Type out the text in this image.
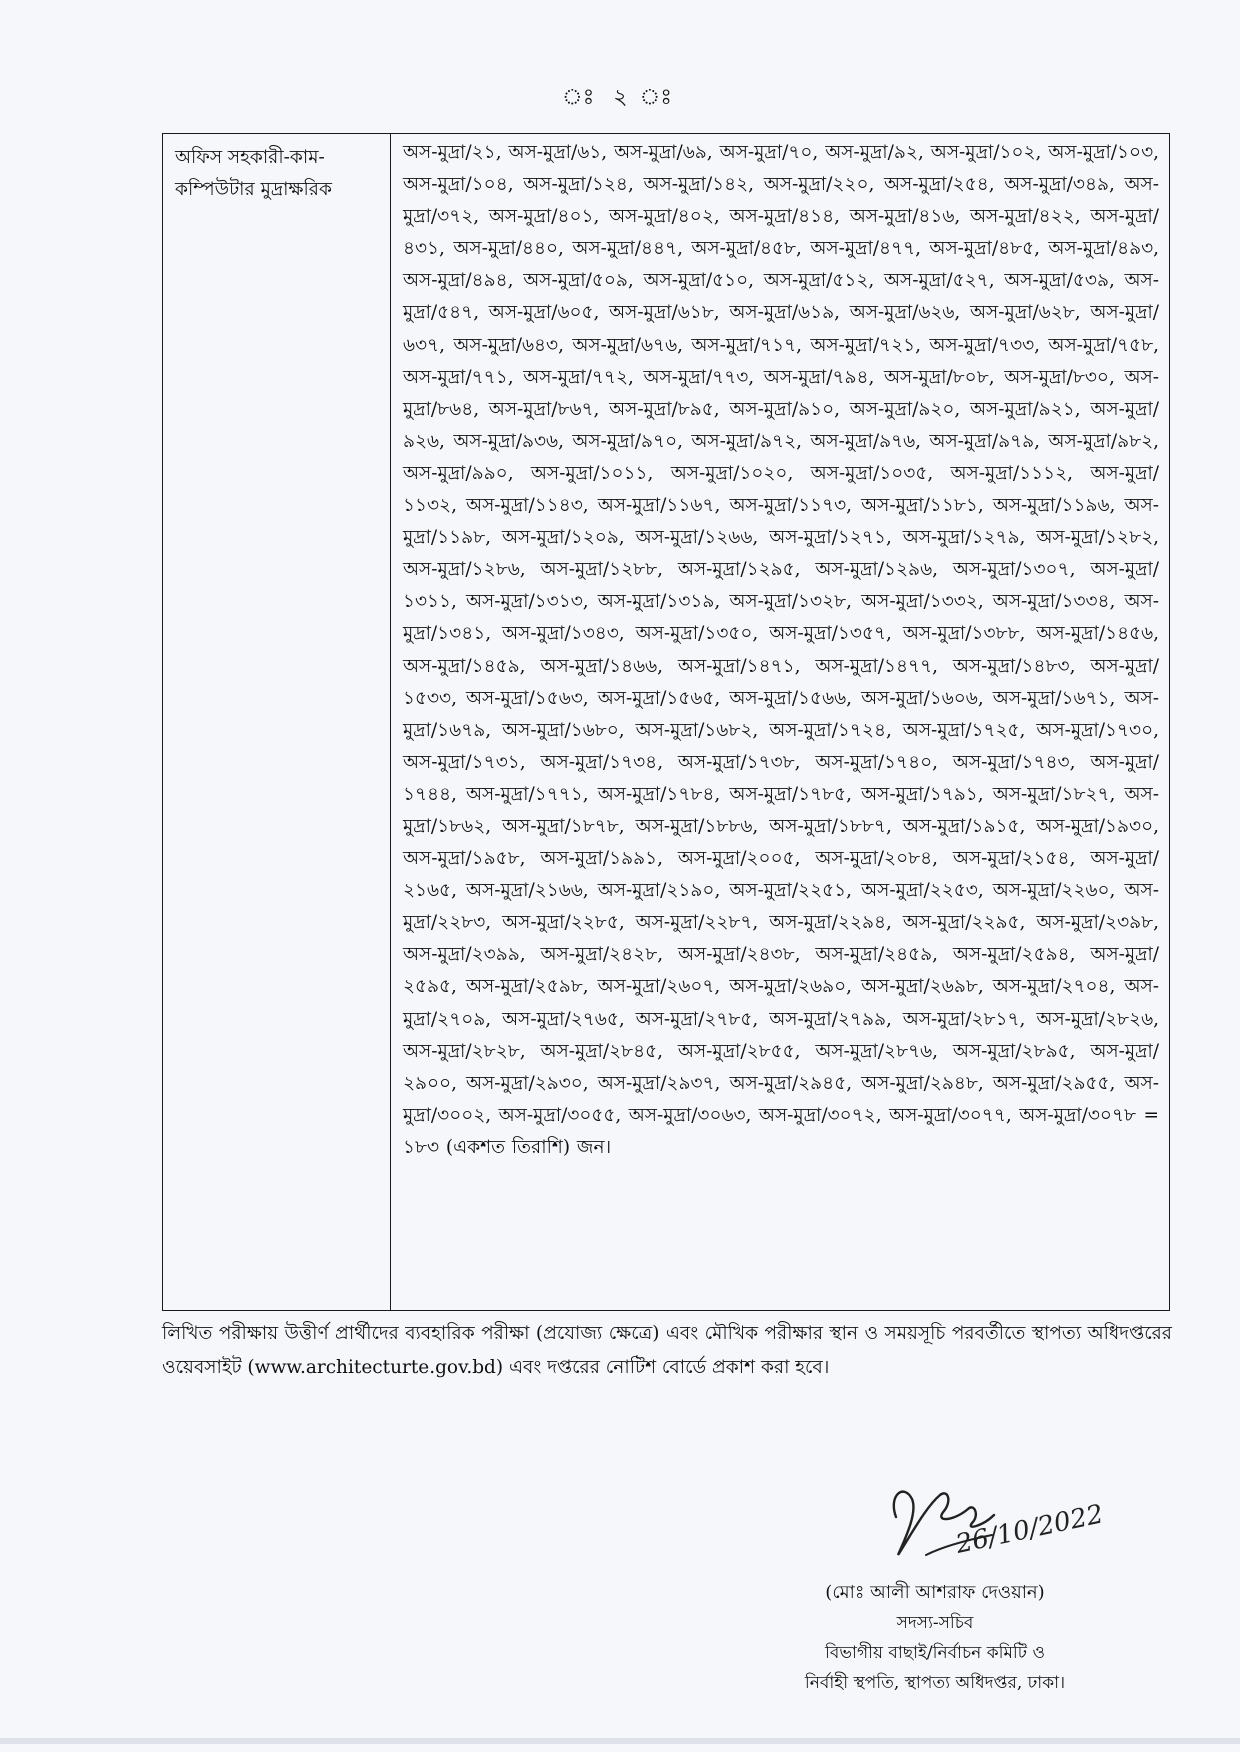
ঃ ২ ঃ
অফিস সহকারী-কাম-কম্পিউটার মুদ্রাক্ষরিক

অস-মুদ্রা/২১, অস-মুদ্রা/৬১, অস-মুদ্রা/৬৯, অস-মুদ্রা/৭০, অস-মুদ্রা/৯২, অস-মুদ্রা/১০২, অস-মুদ্রা/১০৩, অস-মুদ্রা/১০৪, অস-মুদ্রা/১২৪, অস-মুদ্রা/১৪২, অস-মুদ্রা/২২০, অস-মুদ্রা/২৫৪, অস-মুদ্রা/৩৪৯, অস-মুদ্রা/৩৭২, অস-মুদ্রা/৪০১, অস-মুদ্রা/৪০২, অস-মুদ্রা/৪১৪, অস-মুদ্রা/৪১৬, অস-মুদ্রা/৪২২, অস-মুদ্রা/৪৩১, অস-মুদ্রা/৪৪০, অস-মুদ্রা/৪৪৭, অস-মুদ্রা/৪৫৮, অস-মুদ্রা/৪৭৭, অস-মুদ্রা/৪৮৫, অস-মুদ্রা/৪৯৩, অস-মুদ্রা/৪৯৪, অস-মুদ্রা/৫০৯, অস-মুদ্রা/৫১০, অস-মুদ্রা/৫১২, অস-মুদ্রা/৫২৭, অস-মুদ্রা/৫৩৯, অস-মুদ্রা/৫৪৭, অস-মুদ্রা/৬০৫, অস-মুদ্রা/৬১৮, অস-মুদ্রা/৬১৯, অস-মুদ্রা/৬২৬, অস-মুদ্রা/৬২৮, অস-মুদ্রা/৬৩৭, অস-মুদ্রা/৬৪৩, অস-মুদ্রা/৬৭৬, অস-মুদ্রা/৭১৭, অস-মুদ্রা/৭২১, অস-মুদ্রা/৭৩৩, অস-মুদ্রা/৭৫৮, অস-মুদ্রা/৭৭১, অস-মুদ্রা/৭৭২, অস-মুদ্রা/৭৭৩, অস-মুদ্রা/৭৯৪, অস-মুদ্রা/৮০৮, অস-মুদ্রা/৮৩০, অস-মুদ্রা/৮৬৪, অস-মুদ্রা/৮৬৭, অস-মুদ্রা/৮৯৫, অস-মুদ্রা/৯১০, অস-মুদ্রা/৯২০, অস-মুদ্রা/৯২১, অস-মুদ্রা/৯২৬, অস-মুদ্রা/৯৩৬, অস-মুদ্রা/৯৭০, অস-মুদ্রা/৯৭২, অস-মুদ্রা/৯৭৬, অস-মুদ্রা/৯৭৯, অস-মুদ্রা/৯৮২, অস-মুদ্রা/৯৯০, অস-মুদ্রা/১০১১, অস-মুদ্রা/১০২০, অস-মুদ্রা/১০৩৫, অস-মুদ্রা/১১১২, অস-মুদ্রা/১১৩২, অস-মুদ্রা/১১৪৩, অস-মুদ্রা/১১৬৭, অস-মুদ্রা/১১৭৩, অস-মুদ্রা/১১৮১, অস-মুদ্রা/১১৯৬, অস-মুদ্রা/১১৯৮, অস-মুদ্রা/১২০৯, অস-মুদ্রা/১২৬৬, অস-মুদ্রা/১২৭১, অস-মুদ্রা/১২৭৯, অস-মুদ্রা/১২৮২, অস-মুদ্রা/১২৮৬, অস-মুদ্রা/১২৮৮, অস-মুদ্রা/১২৯৫, অস-মুদ্রা/১২৯৬, অস-মুদ্রা/১৩০৭, অস-মুদ্রা/১৩১১, অস-মুদ্রা/১৩১৩, অস-মুদ্রা/১৩১৯, অস-মুদ্রা/১৩২৮, অস-মুদ্রা/১৩৩২, অস-মুদ্রা/১৩৩৪, অস-মুদ্রা/১৩৪১, অস-মুদ্রা/১৩৪৩, অস-মুদ্রা/১৩৫০, অস-মুদ্রা/১৩৫৭, অস-মুদ্রা/১৩৮৮, অস-মুদ্রা/১৪৫৬, অস-মুদ্রা/১৪৫৯, অস-মুদ্রা/১৪৬৬, অস-মুদ্রা/১৪৭১, অস-মুদ্রা/১৪৭৭, অস-মুদ্রা/১৪৮৩, অস-মুদ্রা/১৫৩৩, অস-মুদ্রা/১৫৬৩, অস-মুদ্রা/১৫৬৫, অস-মুদ্রা/১৫৬৬, অস-মুদ্রা/১৬০৬, অস-মুদ্রা/১৬৭১, অস-মুদ্রা/১৬৭৯, অস-মুদ্রা/১৬৮০, অস-মুদ্রা/১৬৮২, অস-মুদ্রা/১৭২৪, অস-মুদ্রা/১৭২৫, অস-মুদ্রা/১৭৩০, অস-মুদ্রা/১৭৩১, অস-মুদ্রা/১৭৩৪, অস-মুদ্রা/১৭৩৮, অস-মুদ্রা/১৭৪০, অস-মুদ্রা/১৭৪৩, অস-মুদ্রা/১৭৪৪, অস-মুদ্রা/১৭৭১, অস-মুদ্রা/১৭৮৪, অস-মুদ্রা/১৭৮৫, অস-মুদ্রা/১৭৯১, অস-মুদ্রা/১৮২৭, অস-মুদ্রা/১৮৬২, অস-মুদ্রা/১৮৭৮, অস-মুদ্রা/১৮৮৬, অস-মুদ্রা/১৮৮৭, অস-মুদ্রা/১৯১৫, অস-মুদ্রা/১৯৩০, অস-মুদ্রা/১৯৫৮, অস-মুদ্রা/১৯৯১, অস-মুদ্রা/২০০৫, অস-মুদ্রা/২০৮৪, অস-মুদ্রা/২১৫৪, অস-মুদ্রা/২১৬৫, অস-মুদ্রা/২১৬৬, অস-মুদ্রা/২১৯০, অস-মুদ্রা/২২৫১, অস-মুদ্রা/২২৫৩, অস-মুদ্রা/২২৬০, অস-মুদ্রা/২২৮৩, অস-মুদ্রা/২২৮৫, অস-মুদ্রা/২২৮৭, অস-মুদ্রা/২২৯৪, অস-মুদ্রা/২২৯৫, অস-মুদ্রা/২৩৯৮, অস-মুদ্রা/২৩৯৯, অস-মুদ্রা/২৪২৮, অস-মুদ্রা/২৪৩৮, অস-মুদ্রা/২৪৫৯, অস-মুদ্রা/২৫৯৪, অস-মুদ্রা/২৫৯৫, অস-মুদ্রা/২৫৯৮, অস-মুদ্রা/২৬০৭, অস-মুদ্রা/২৬৯০, অস-মুদ্রা/২৬৯৮, অস-মুদ্রা/২৭০৪, অস-মুদ্রা/২৭০৯, অস-মুদ্রা/২৭৬৫, অস-মুদ্রা/২৭৮৫, অস-মুদ্রা/২৭৯৯, অস-মুদ্রা/২৮১৭, অস-মুদ্রা/২৮২৬, অস-মুদ্রা/২৮২৮, অস-মুদ্রা/২৮৪৫, অস-মুদ্রা/২৮৫৫, অস-মুদ্রা/২৮৭৬, অস-মুদ্রা/২৮৯৫, অস-মুদ্রা/২৯০০, অস-মুদ্রা/২৯৩০, অস-মুদ্রা/২৯৩৭, অস-মুদ্রা/২৯৪৫, অস-মুদ্রা/২৯৪৮, অস-মুদ্রা/২৯৫৫, অস-মুদ্রা/৩০০২, অস-মুদ্রা/৩০৫৫, অস-মুদ্রা/৩০৬৩, অস-মুদ্রা/৩০৭২, অস-মুদ্রা/৩০৭৭, অস-মুদ্রা/৩০৭৮ = ১৮৩ (একশত তিরাশি) জন।
লিখিত পরীক্ষায় উত্তীর্ণ প্রার্থীদের ব্যবহারিক পরীক্ষা (প্রযোজ্য ক্ষেত্রে) এবং মৌখিক পরীক্ষার স্থান ও সময়সূচি পরবর্তীতে স্থাপত্য অধিদপ্তরের ওয়েবসাইট (www.architecturte.gov.bd) এবং দপ্তরের নোটিশ বোর্ডে প্রকাশ করা হবে।
26/10/2022
(মোঃ আলী আশরাফ দেওয়ান)
সদস্য-সচিব
বিভাগীয় বাছাই/নির্বাচন কমিটি ও
নির্বাহী স্থপতি, স্থাপত্য অধিদপ্তর, ঢাকা।
